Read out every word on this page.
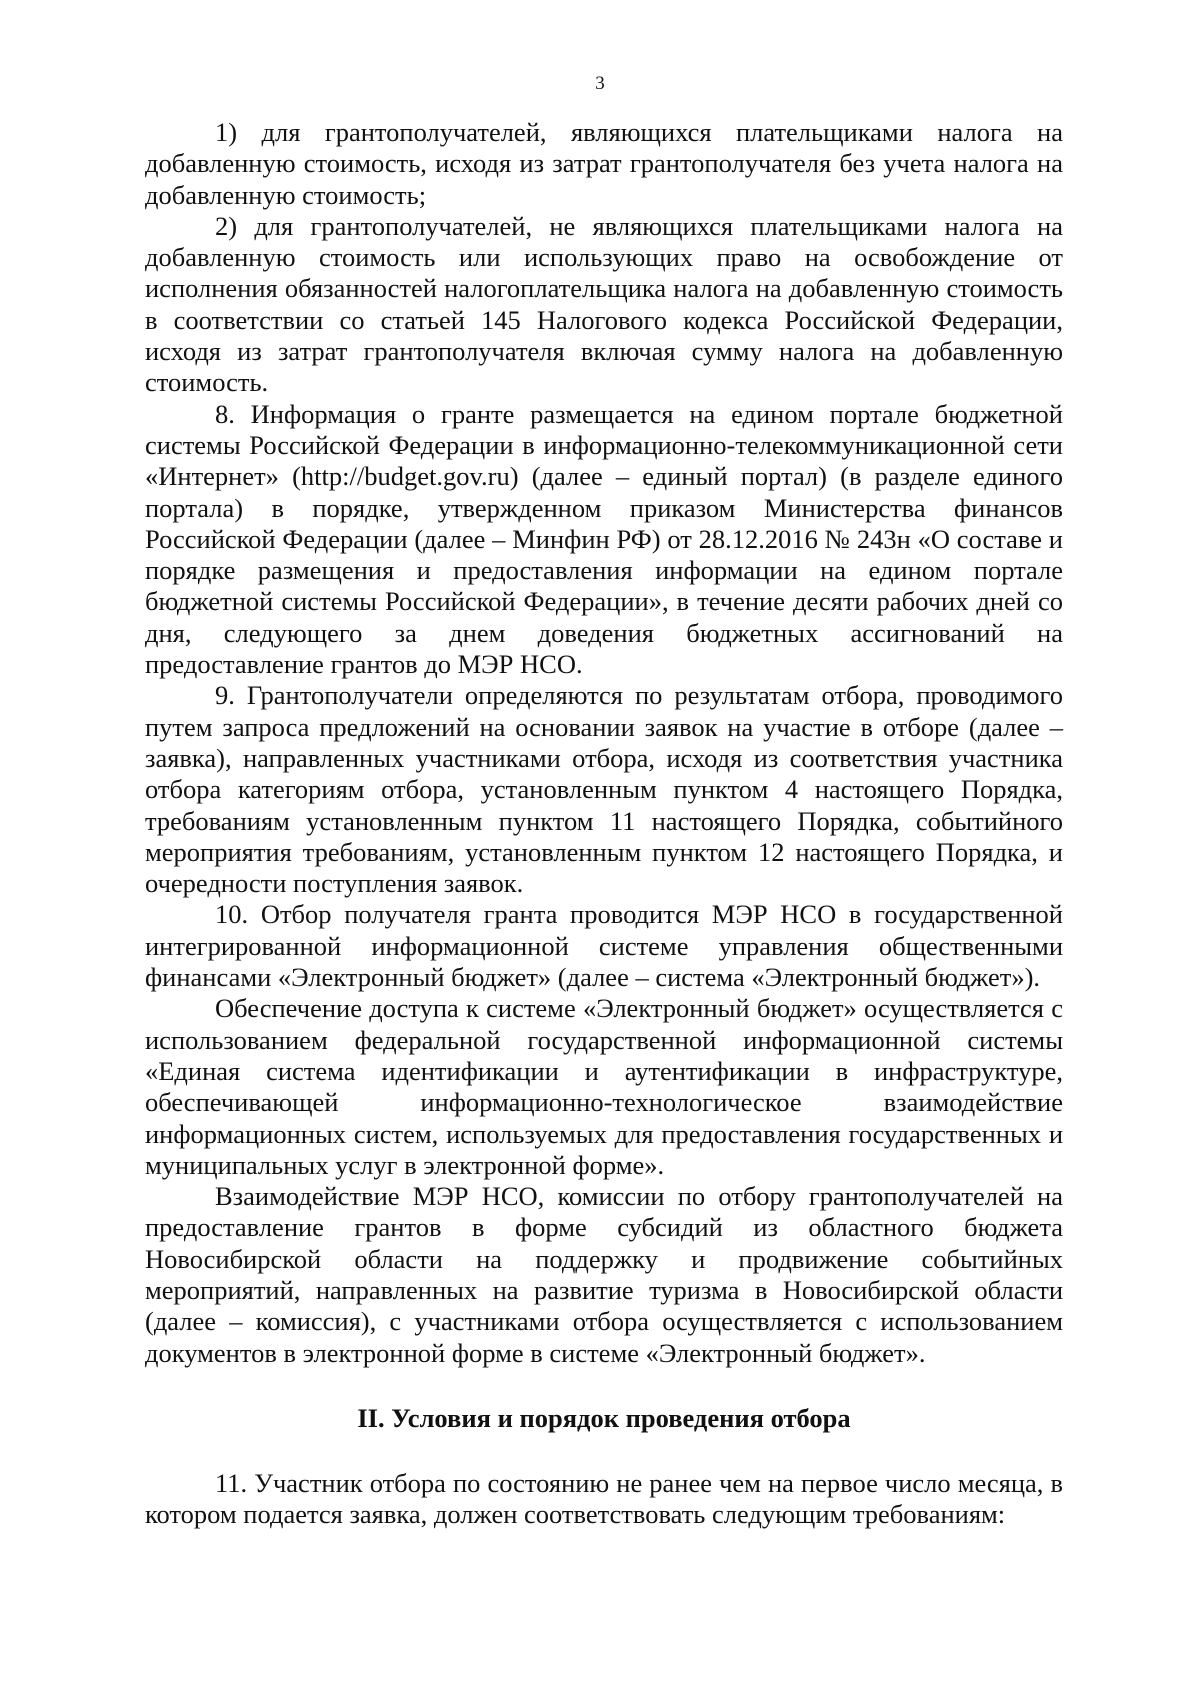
3

1) для грантополучателей, являющихся плательщиками налога на добавленную стоимость, исходя из затрат грантополучателя без учета налога на добавленную стоимость;

2) для грантополучателей, не являющихся плательщиками налога на добавленную стоимость или использующих право на освобождение от исполнения обязанностей налогоплательщика налога на добавленную стоимость в соответствии со статьей 145 Налогового кодекса Российской Федерации, исходя из затрат грантополучателя включая сумму налога на добавленную стоимость.

8. Информация о гранте размещается на едином портале бюджетной системы Российской Федерации в информационно-телекоммуникационной сети «Интернет» (http://budget.gov.ru) (далее – единый портал) (в разделе единого портала) в порядке, утвержденном приказом Министерства финансов Российской Федерации (далее – Минфин РФ) от 28.12.2016 № 243н «О составе и порядке размещения и предоставления информации на едином портале бюджетной системы Российской Федерации», в течение десяти рабочих дней со дня, следующего за днем доведения бюджетных ассигнований на предоставление грантов до МЭР НСО.

9. Грантополучатели определяются по результатам отбора, проводимого путем запроса предложений на основании заявок на участие в отборе (далее – заявка), направленных участниками отбора, исходя из соответствия участника отбора категориям отбора, установленным пунктом 4 настоящего Порядка, требованиям установленным пунктом 11 настоящего Порядка, событийного мероприятия требованиям, установленным пунктом 12 настоящего Порядка, и очередности поступления заявок.

10. Отбор получателя гранта проводится МЭР НСО в государственной интегрированной информационной системе управления общественными финансами «Электронный бюджет» (далее – система «Электронный бюджет»).

Обеспечение доступа к системе «Электронный бюджет» осуществляется с использованием федеральной государственной информационной системы «Единая система идентификации и аутентификации в инфраструктуре, обеспечивающей информационно-технологическое взаимодействие информационных систем, используемых для предоставления государственных и муниципальных услуг в электронной форме».

Взаимодействие МЭР НСО, комиссии по отбору грантополучателей на предоставление грантов в форме субсидий из областного бюджета Новосибирской области на поддержку и продвижение событийных мероприятий, направленных на развитие туризма в Новосибирской области (далее – комиссия), с участниками отбора осуществляется с использованием документов в электронной форме в системе «Электронный бюджет».

II. Условия и порядок проведения отбора

11. Участник отбора по состоянию не ранее чем на первое число месяца, в котором подается заявка, должен соответствовать следующим требованиям:
